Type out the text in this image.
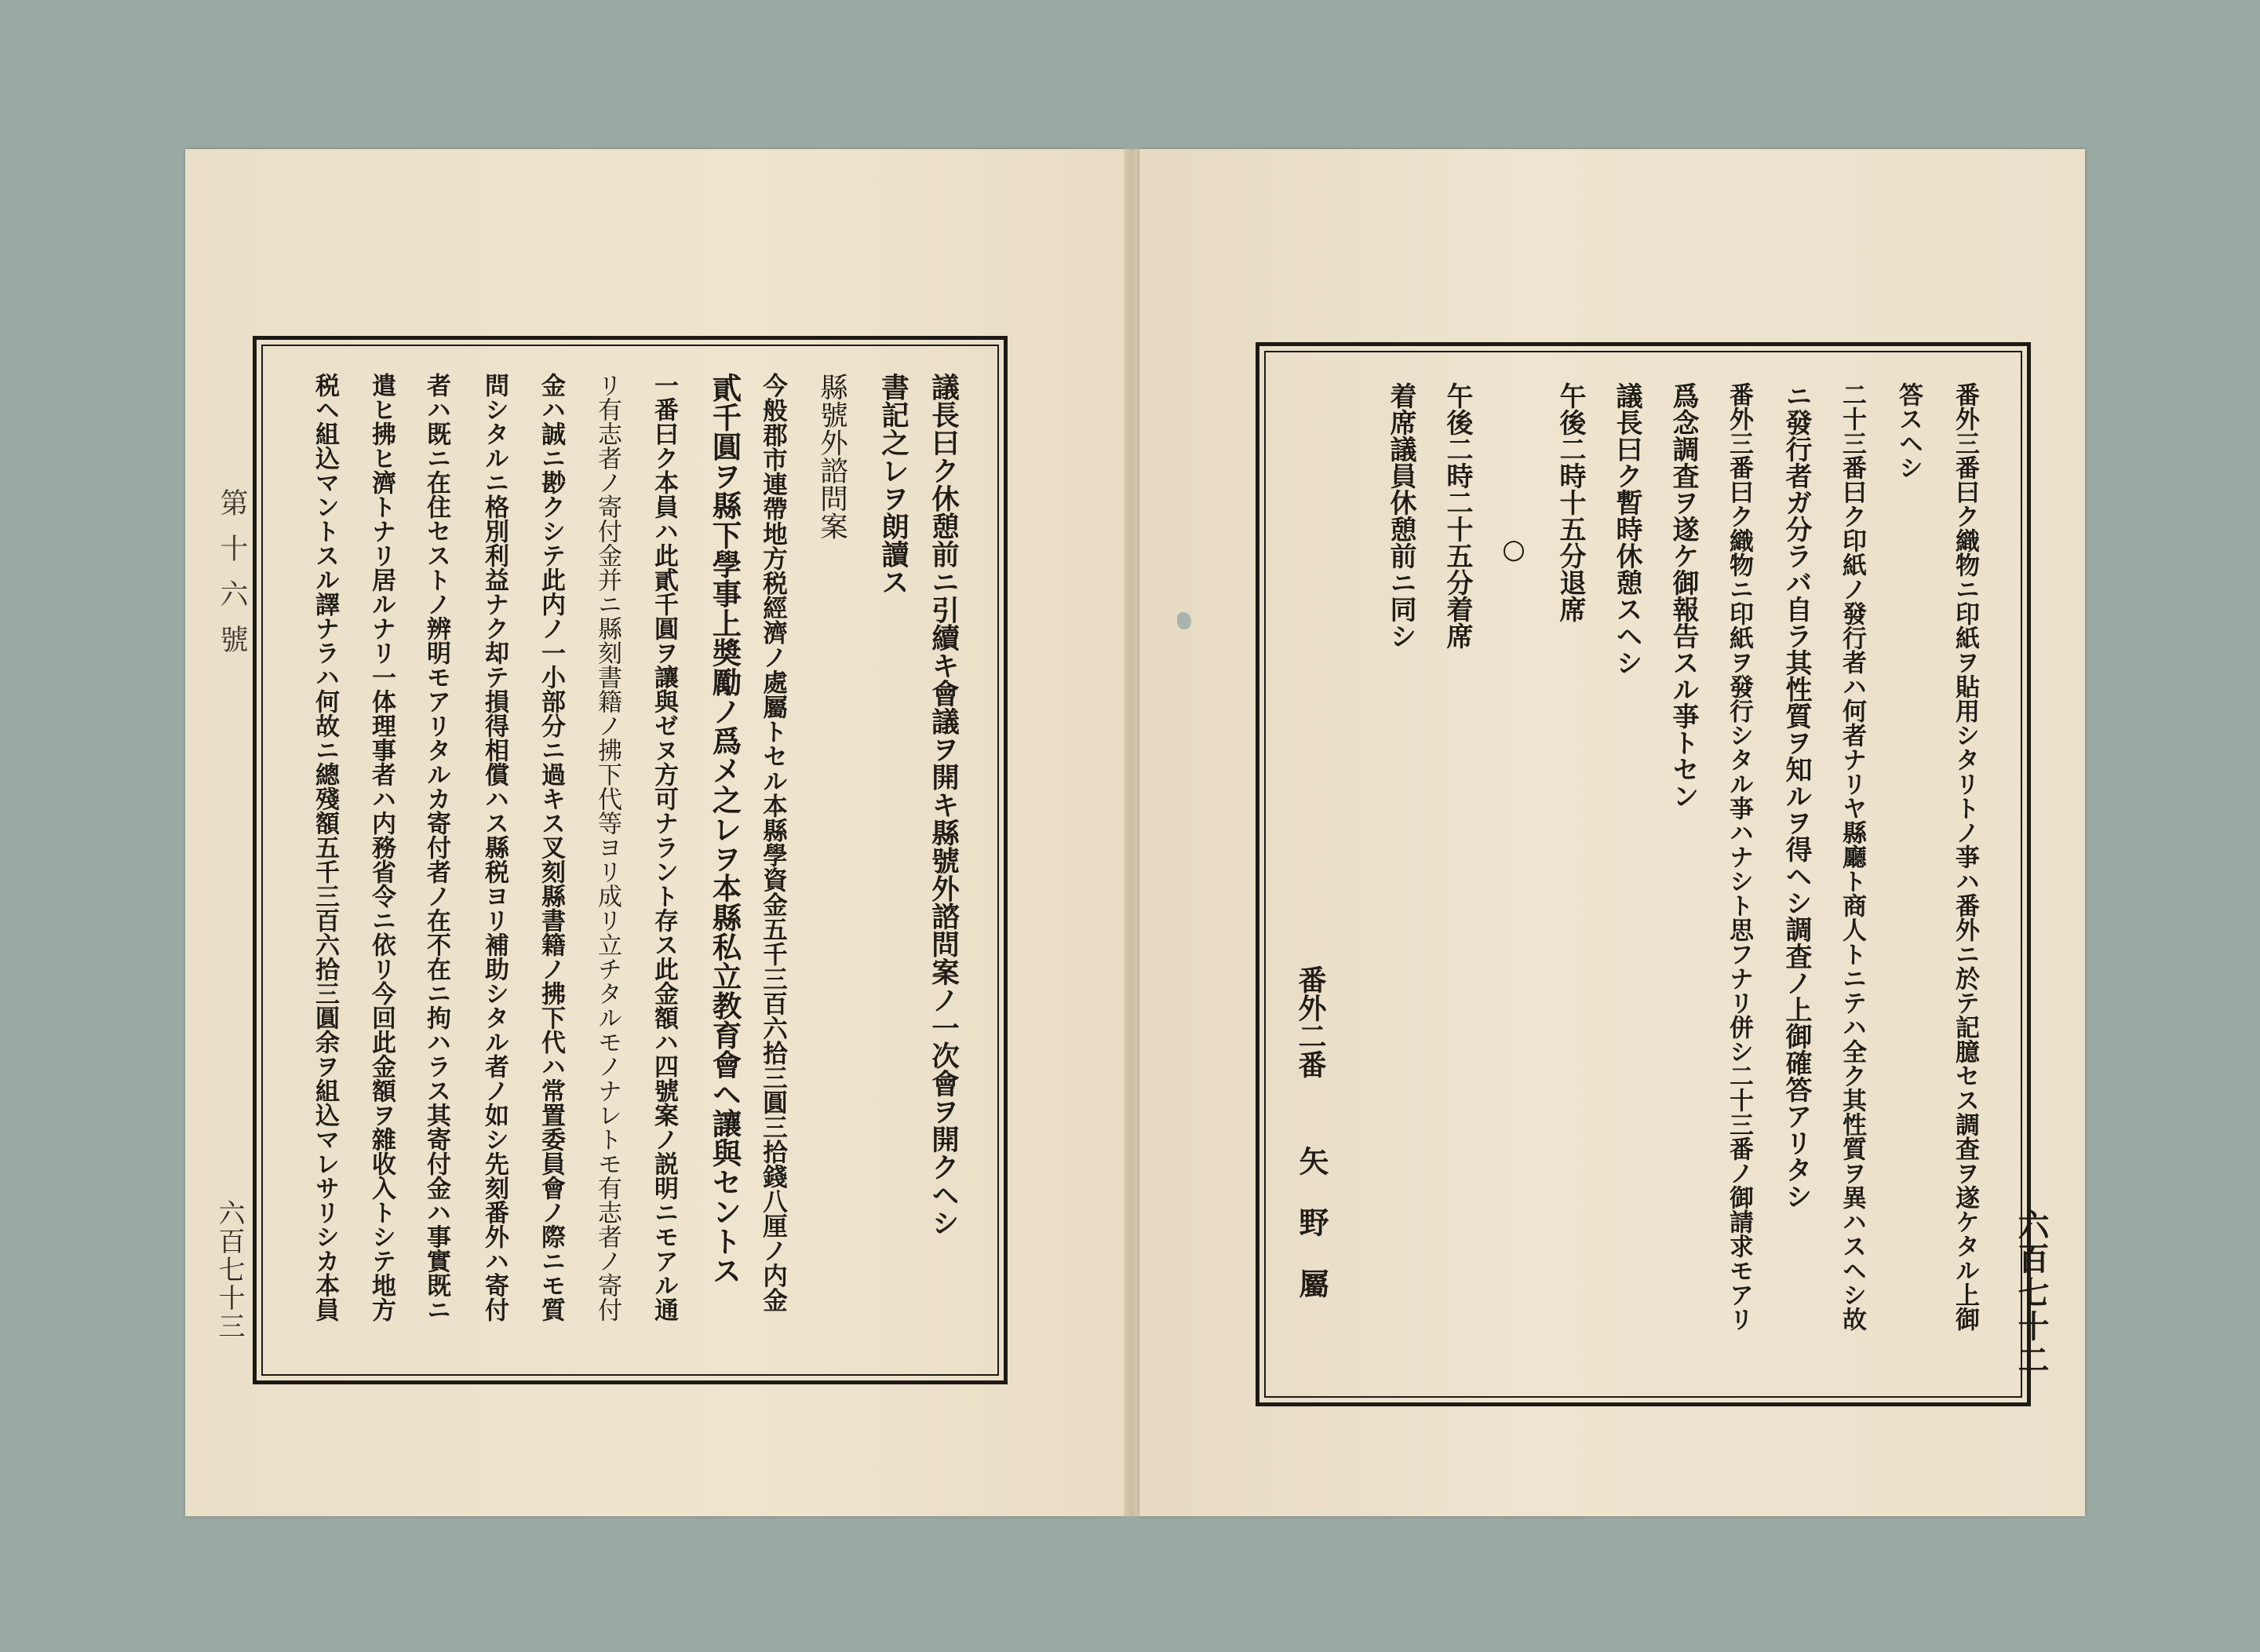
第十六號
六百七十三
議長曰ク休憩前ニ引續キ會議ヲ開キ縣號外諮問案ノ一次會ヲ開クヘシ
書記之レヲ朗讀ス
縣號外諮問案
今般郡市連帶地方税經濟ノ處屬トセル本縣學資金五千三百六拾三圓三拾錢八厘ノ内金
貳千圓ヲ縣下學事上奬勵ノ爲メ之レヲ本縣私立教育會ヘ讓與セントス
一番曰ク本員ハ此貳千圓ヲ讓與ゼヌ方可ナラント存ス此金額ハ四號案ノ説明ニモアル通
リ有志者ノ寄付金并ニ縣刻書籍ノ拂下代等ヨリ成リ立チタルモノナレトモ有志者ノ寄付
金ハ誠ニ尠クシテ此内ノ一小部分ニ過キス叉刻縣書籍ノ拂下代ハ常置委員會ノ際ニモ質
問シタルニ格別利益ナク却テ損得相償ハス縣税ヨリ補助シタル者ノ如シ先刻番外ハ寄付
者ハ既ニ在住セストノ辨明モアリタルカ寄付者ノ在不在ニ拘ハラス其寄付金ハ事實既ニ
遣ヒ拂ヒ濟トナリ居ルナリ一体理事者ハ内務省令ニ依リ今回此金額ヲ雜收入トシテ地方
税ヘ組込マントスル譯ナラハ何故ニ總殘額五千三百六拾三圓余ヲ組込マレサリシカ本員	六百七十二
番外三番曰ク織物ニ印紙ヲ貼用シタリトノ亊ハ番外ニ於テ記臆セス調査ヲ遂ケタル上御
答スヘシ
二十三番曰ク印紙ノ發行者ハ何者ナリヤ縣廳ト商人トニテハ全ク其性質ヲ異ハスヘシ故
ニ發行者ガ分ラバ自ラ其性質ヲ知ルヲ得ヘシ調査ノ上御確答アリタシ
番外三番曰ク織物ニ印紙ヲ發行シタル亊ハナシト思フナリ併シ二十三番ノ御請求モアリ
爲念調査ヲ遂ケ御報告スル亊トセン
議長曰ク暫時休憩スヘシ
午後二時十五分退席
○
午後二時二十五分着席
着席議員休憩前ニ同シ
番外二番
矢野屬
